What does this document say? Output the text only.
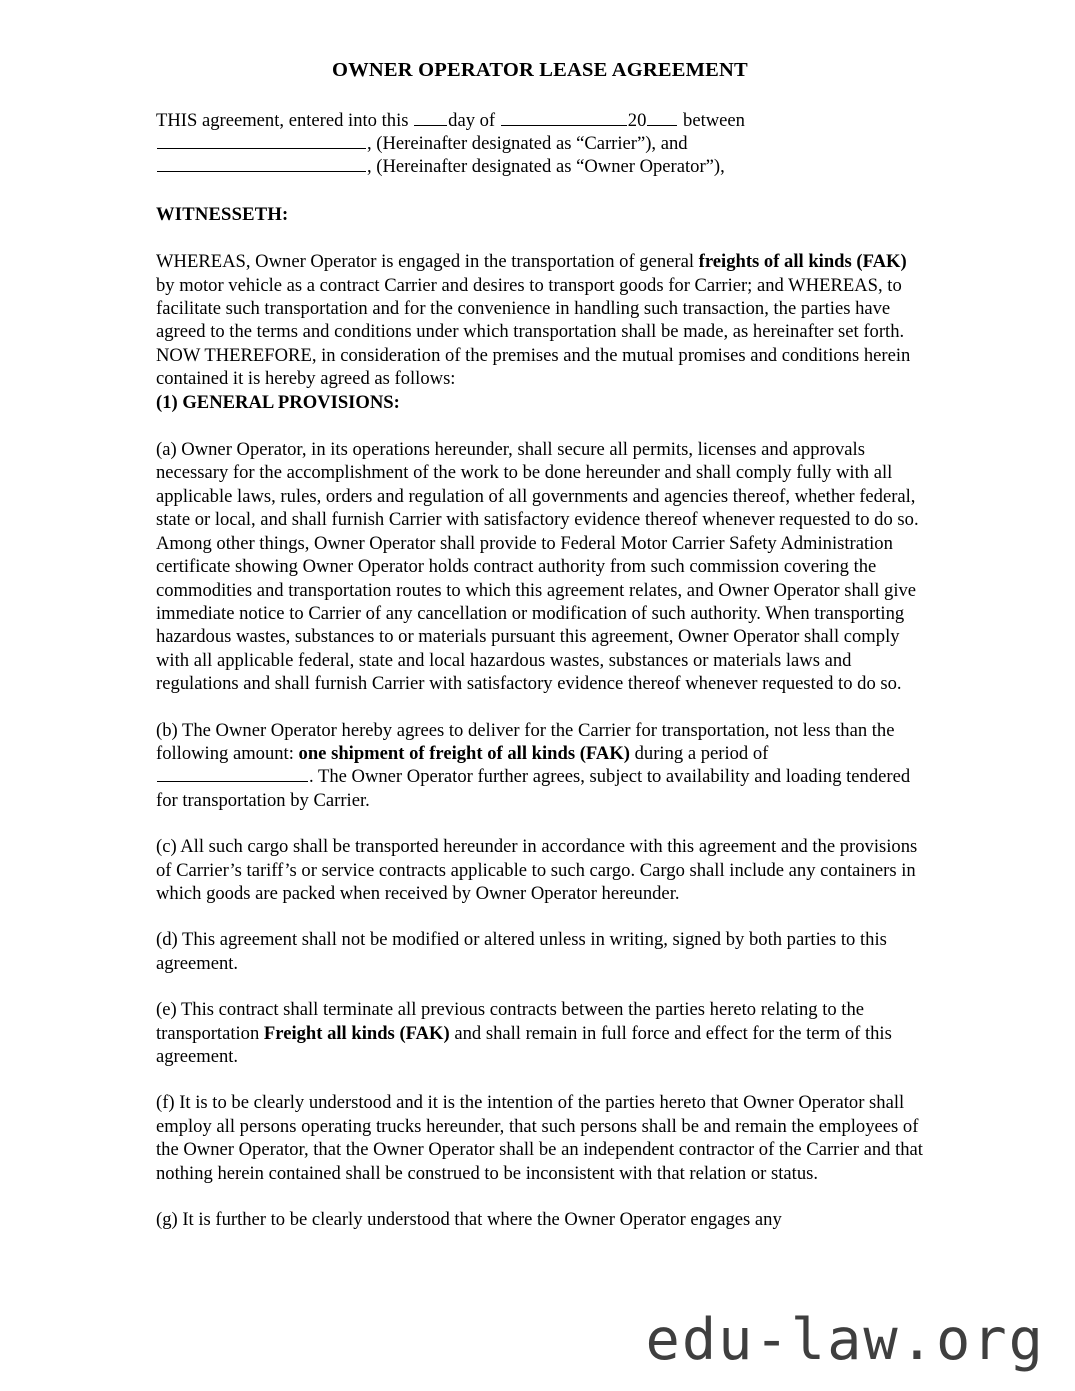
OWNER OPERATOR LEASE AGREEMENT

THIS agreement, entered into this day of	20 between
, (Hereinafter designated as “Carrier”), and
, (Hereinafter designated as “Owner Operator”),

WITNESSETH:

WHEREAS, Owner Operator is engaged in the transportation of general freights of all kinds (FAK) by motor vehicle as a contract Carrier and desires to transport goods for Carrier; and WHEREAS, to facilitate such transportation and for the convenience in handling such transaction, the parties have agreed to the terms and conditions under which transportation shall be made, as hereinafter set forth.

NOW THEREFORE, in consideration of the premises and the mutual promises and conditions herein contained it is hereby agreed as follows:

(1) GENERAL PROVISIONS:

(a) Owner Operator, in its operations hereunder, shall secure all permits, licenses and approvals necessary for the accomplishment of the work to be done hereunder and shall comply fully with all applicable laws, rules, orders and regulation of all governments and agencies thereof, whether federal, state or local, and shall furnish Carrier with satisfactory evidence thereof whenever requested to do so. Among other things, Owner Operator shall provide to Federal Motor Carrier Safety Administration certificate showing Owner Operator holds contract authority from such commission covering the commodities and transportation routes to which this agreement relates, and Owner Operator shall give immediate notice to Carrier of any cancellation or modification of such authority. When transporting hazardous wastes, substances to or materials pursuant this agreement, Owner Operator shall comply with all applicable federal, state and local hazardous wastes, substances or materials laws and regulations and shall furnish Carrier with satisfactory evidence thereof whenever requested to do so.

(b) The Owner Operator hereby agrees to deliver for the Carrier for transportation, not less than the following amount: one shipment of freight of all kinds (FAK) during a period of
. The Owner Operator further agrees, subject to availability and loading tendered for transportation by Carrier.

(c) All such cargo shall be transported hereunder in accordance with this agreement and the provisions of Carrier’s tariff’s or service contracts applicable to such cargo. Cargo shall include any containers in which goods are packed when received by Owner Operator hereunder.

(d) This agreement shall not be modified or altered unless in writing, signed by both parties to this agreement.

(e) This contract shall terminate all previous contracts between the parties hereto relating to the transportation Freight all kinds (FAK) and shall remain in full force and effect for the term of this agreement.

(f) It is to be clearly understood and it is the intention of the parties hereto that Owner Operator shall employ all persons operating trucks hereunder, that such persons shall be and remain the employees of the Owner Operator, that the Owner Operator shall be an independent contractor of the Carrier and that nothing herein contained shall be construed to be inconsistent with that relation or status.

(g) It is further to be clearly understood that where the Owner Operator engages any

edu-law.org
